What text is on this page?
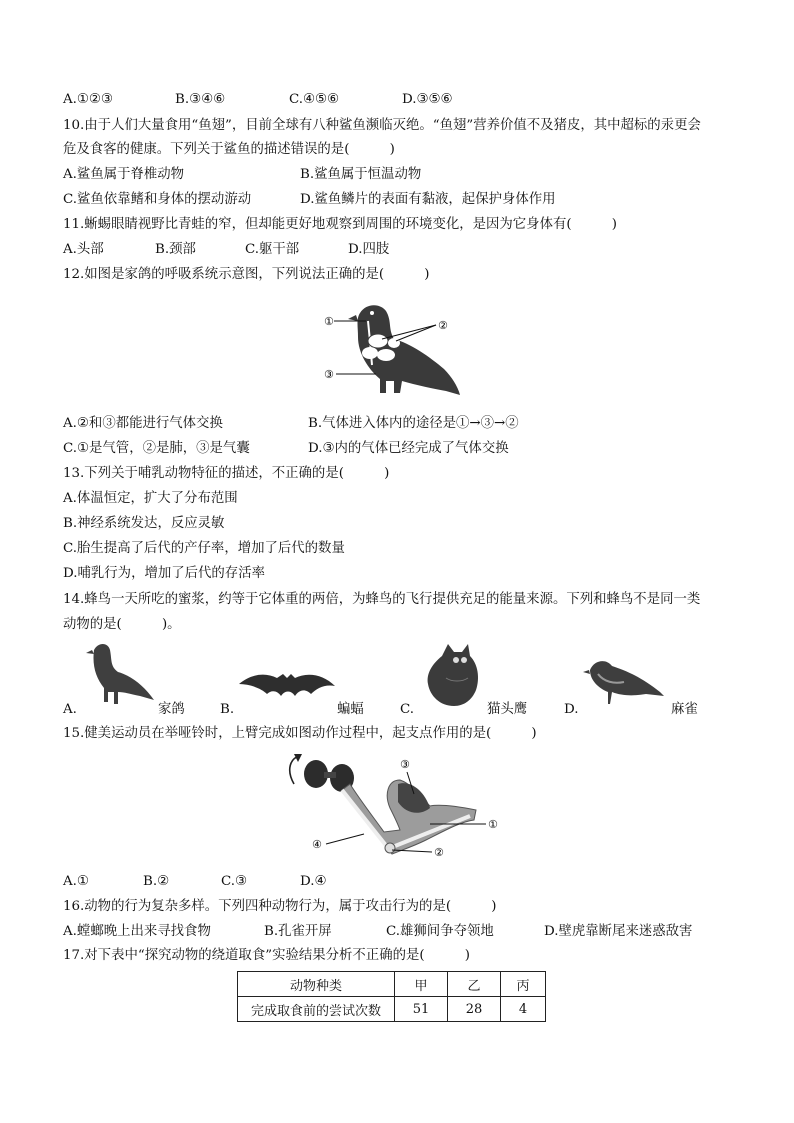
A.①②③	B.③④⑥	C.④⑤⑥	D.③⑤⑥
10.由于人们大量食用“鱼翅”，目前全球有八种鲨鱼濒临灭绝。“鱼翅”营养价值不及猪皮，其中超标的汞更会
危及食客的健康。下列关于鲨鱼的描述错误的是(　　　)
A.鲨鱼属于脊椎动物	B.鲨鱼属于恒温动物
C.鲨鱼依靠鳍和身体的摆动游动	D.鲨鱼鳞片的表面有黏液，起保护身体作用
11.蜥蜴眼睛视野比青蛙的窄，但却能更好地观察到周围的环境变化，是因为它身体有(　　　)
A.头部	B.颈部	C.躯干部	D.四肢
12.如图是家鸽的呼吸系统示意图，下列说法正确的是(　　　)
①	②
③
A.②和③都能进行气体交换	B.气体进入体内的途径是①→③→②
C.①是气管，②是肺，③是气囊	D.③内的气体已经完成了气体交换
13.下列关于哺乳动物特征的描述，不正确的是(　　　)
A.体温恒定，扩大了分布范围
B.神经系统发达，反应灵敏
C.胎生提高了后代的产仔率，增加了后代的数量
D.哺乳行为，增加了后代的存活率
14.蜂鸟一天所吃的蜜浆，约等于它体重的两倍，为蜂鸟的飞行提供充足的能量来源。下列和蜂鸟不是同一类
动物的是(　　　)。
A.	家鸽	B.	蝙蝠	C.	猫头鹰	D.	麻雀
15.健美运动员在举哑铃时，上臂完成如图动作过程中，起支点作用的是(　　　)
①
②
③
④
A.①	B.②	C.③	D.④
16.动物的行为复杂多样。下列四种动物行为，属于攻击行为的是(　　　)
A.螳螂晚上出来寻找食物	B.孔雀开屏	C.雄狮间争夺领地	D.壁虎靠断尾来迷惑敌害
17.对下表中“探究动物的绕道取食”实验结果分析不正确的是(　　　)
动物种类	甲	乙	丙
完成取食前的尝试次数	51	28	4
